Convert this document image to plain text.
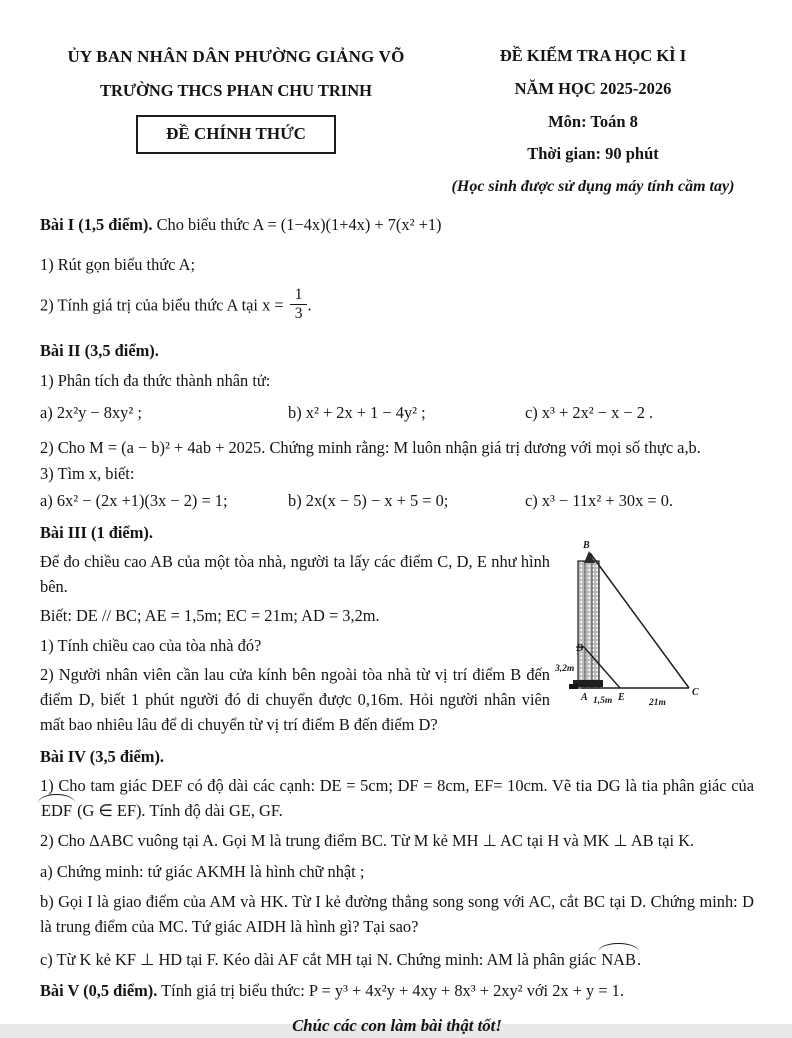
ỦY BAN NHÂN DÂN PHƯỜNG GIẢNG VÕ
TRƯỜNG THCS PHAN CHU TRINH
ĐỀ CHÍNH THỨC
ĐỀ KIỂM TRA HỌC KÌ I
NĂM HỌC 2025-2026
Môn: Toán 8
Thời gian: 90 phút
(Học sinh được sử dụng máy tính cầm tay)

Bài I (1,5 điểm). Cho biểu thức A = (1−4x)(1+4x) + 7(x² +1)

1) Rút gọn biểu thức A;

2) Tính giá trị của biểu thức A tại $x = \frac{1}{3}$ .

Bài II (3,5 điểm).

1) Phân tích đa thức thành nhân tử:

a) 2x²y − 8xy² ;	b) x² + 2x + 1 − 4y² ;	c) x³ + 2x² − x − 2 .

2) Cho M = (a − b)² + 4ab + 2025. Chứng minh rằng: M luôn nhận giá trị dương với mọi số thực a,b.

3) Tìm x, biết:

a) 6x² − (2x +1)(3x − 2) = 1;	b) 2x(x − 5) − x + 5 = 0;	c) x³ − 11x² + 30x = 0.
B
D
3,2m
A 1,5m E	21m
C

Bài III (1 điểm).

Để đo chiều cao AB của một tòa nhà, người ta lấy các điểm C, D, E như hình bên.

Biết: DE // BC; AE = 1,5m; EC = 21m; AD = 3,2m.

1) Tính chiều cao của tòa nhà đó?

2) Người nhân viên cần lau cửa kính bên ngoài tòa nhà từ vị trí điểm B đến điểm D, biết 1 phút người đó di chuyển được 0,16m. Hỏi người nhân viên mất bao nhiêu lâu để di chuyển từ vị trí điểm B đến điểm D?

Bài IV (3,5 điểm).

1) Cho tam giác DEF có độ dài các cạnh: DE = 5cm; DF = 8cm, EF= 10cm. Vẽ tia DG là tia phân giác của EDF (G ∈ EF). Tính độ dài GE, GF.

2) Cho ΔABC vuông tại A. Gọi M là trung điểm BC. Từ M kẻ MH ⊥ AC tại H và MK ⊥ AB tại K.

a) Chứng minh: tứ giác AKMH là hình chữ nhật ;

b) Gọi I là giao điểm của AM và HK. Từ I kẻ đường thẳng song song với AC, cắt BC tại D. Chứng minh: D là trung điểm của MC. Tứ giác AIDH là hình gì? Tại sao?

c) Từ K kẻ KF ⊥ HD tại F. Kéo dài AF cắt MH tại N. Chứng minh: AM là phân giác NAB.

Bài V (0,5 điểm). Tính giá trị biểu thức: P = y³ + 4x²y + 4xy + 8x³ + 2xy² với 2x + y = 1.

Chúc các con làm bài thật tốt!
